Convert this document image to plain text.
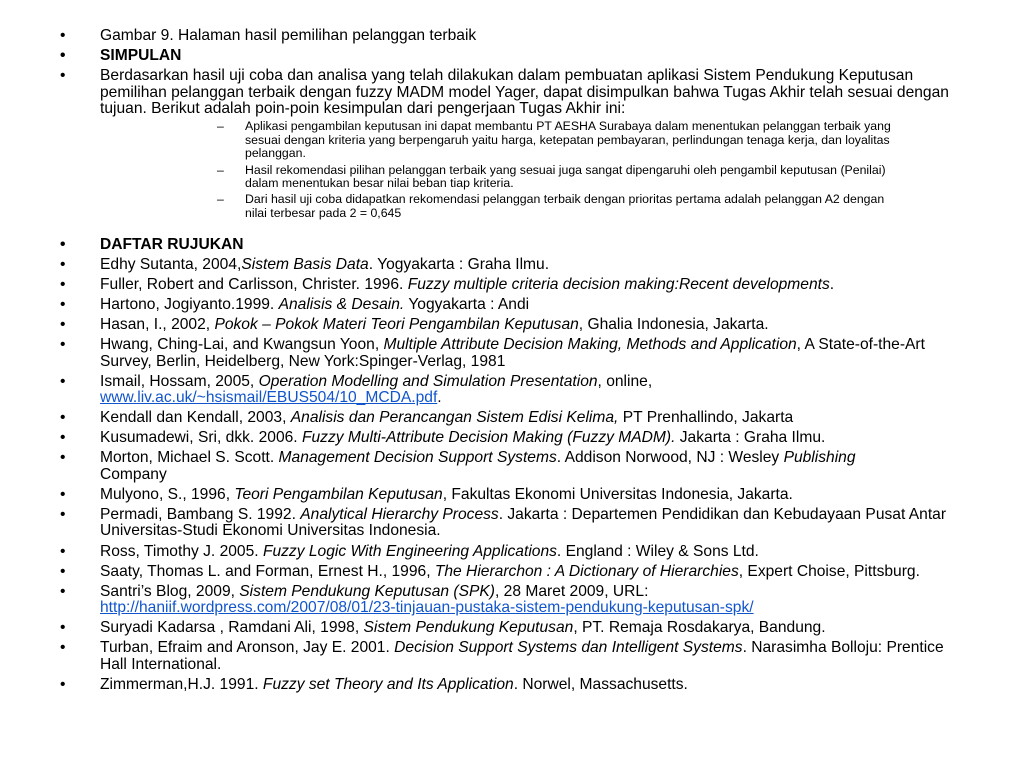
• Gambar 9. Halaman hasil pemilihan pelanggan terbaik
• SIMPULAN
• Berdasarkan hasil uji coba dan analisa yang telah dilakukan dalam pembuatan aplikasi Sistem Pendukung Keputusan pemilihan pelanggan terbaik dengan fuzzy MADM model Yager, dapat disimpulkan bahwa Tugas Akhir telah sesuai dengan tujuan. Berikut adalah poin-poin kesimpulan dari pengerjaan Tugas Akhir ini:
– Aplikasi pengambilan keputusan ini dapat membantu PT AESHA Surabaya dalam menentukan pelanggan terbaik yang sesuai dengan kriteria yang berpengaruh yaitu harga, ketepatan pembayaran, perlindungan tenaga kerja, dan loyalitas pelanggan.
– Hasil rekomendasi pilihan pelanggan terbaik yang sesuai juga sangat dipengaruhi oleh pengambil keputusan (Penilai) dalam menentukan besar nilai beban tiap kriteria.
– Dari hasil uji coba didapatkan rekomendasi pelanggan terbaik dengan prioritas pertama adalah pelanggan A2 dengan nilai terbesar pada 2 = 0,645
• DAFTAR RUJUKAN
• Edhy Sutanta, 2004,Sistem Basis Data. Yogyakarta : Graha Ilmu.
• Fuller, Robert and Carlisson, Christer. 1996. Fuzzy multiple criteria decision making:Recent developments.
• Hartono, Jogiyanto.1999. Analisis & Desain. Yogyakarta : Andi
• Hasan, I., 2002, Pokok – Pokok Materi Teori Pengambilan Keputusan, Ghalia Indonesia, Jakarta.
• Hwang, Ching-Lai, and Kwangsun Yoon, Multiple Attribute Decision Making, Methods and Application, A State-of-the-Art Survey, Berlin, Heidelberg, New York:Spinger-Verlag, 1981
• Ismail, Hossam, 2005, Operation Modelling and Simulation Presentation, online,
www.liv.ac.uk/~hsismail/EBUS504/10_MCDA.pdf.
• Kendall dan Kendall, 2003, Analisis dan Perancangan Sistem Edisi Kelima, PT Prenhallindo, Jakarta
• Kusumadewi, Sri, dkk. 2006. Fuzzy Multi-Attribute Decision Making (Fuzzy MADM). Jakarta : Graha Ilmu.
• Morton, Michael S. Scott. Management Decision Support Systems. Addison Norwood, NJ : Wesley Publishing
Company
• Mulyono, S., 1996, Teori Pengambilan Keputusan, Fakultas Ekonomi Universitas Indonesia, Jakarta.
• Permadi, Bambang S. 1992. Analytical Hierarchy Process. Jakarta : Departemen Pendidikan dan Kebudayaan Pusat Antar Universitas-Studi Ekonomi Universitas Indonesia.
• Ross, Timothy J. 2005. Fuzzy Logic With Engineering Applications. England : Wiley & Sons Ltd.
• Saaty, Thomas L. and Forman, Ernest H., 1996, The Hierarchon : A Dictionary of Hierarchies, Expert Choise, Pittsburg.
• Santri’s Blog, 2009, Sistem Pendukung Keputusan (SPK), 28 Maret 2009, URL:
http://haniif.wordpress.com/2007/08/01/23-tinjauan-pustaka-sistem-pendukung-keputusan-spk/
• Suryadi Kadarsa , Ramdani Ali, 1998, Sistem Pendukung Keputusan, PT. Remaja Rosdakarya, Bandung.
• Turban, Efraim and Aronson, Jay E. 2001. Decision Support Systems dan Intelligent Systems. Narasimha Bolloju: Prentice Hall International.
• Zimmerman,H.J. 1991. Fuzzy set Theory and Its Application. Norwel, Massachusetts.
